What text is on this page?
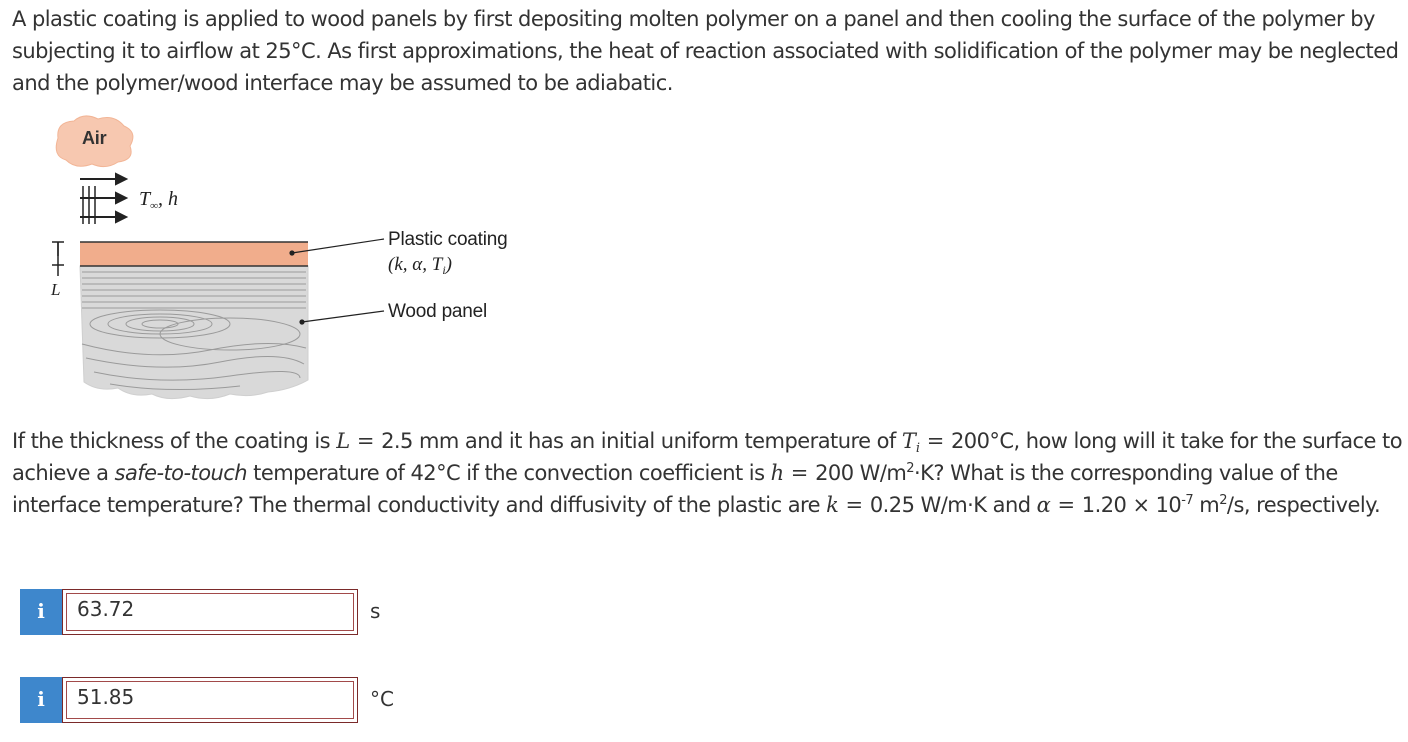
A plastic coating is applied to wood panels by first depositing molten polymer on a panel and then cooling the surface of the polymer by subjecting it to airflow at 25°C. As first approximations, the heat of reaction associated with solidification of the polymer may be neglected and the polymer/wood interface may be assumed to be adiabatic.

Air
$T_\infty$, h
L
Plastic coating
(k, α, $T_i$)
Wood panel

If the thickness of the coating is L = 2.5 mm and it has an initial uniform temperature of $T_i = 200^\circ C$, how long will it take for the surface to achieve a safe-to-touch temperature of 42°C if the convection coefficient is h = 200 $W/m^2\cdot K$? What is the corresponding value of the interface temperature? The thermal conductivity and diffusivity of the plastic are k = 0.25 W/m·K and $\alpha = 1.20 \times 10^{-7}$ $m^2/s$, respectively.

i
63.72	s
i
51.85	°C
